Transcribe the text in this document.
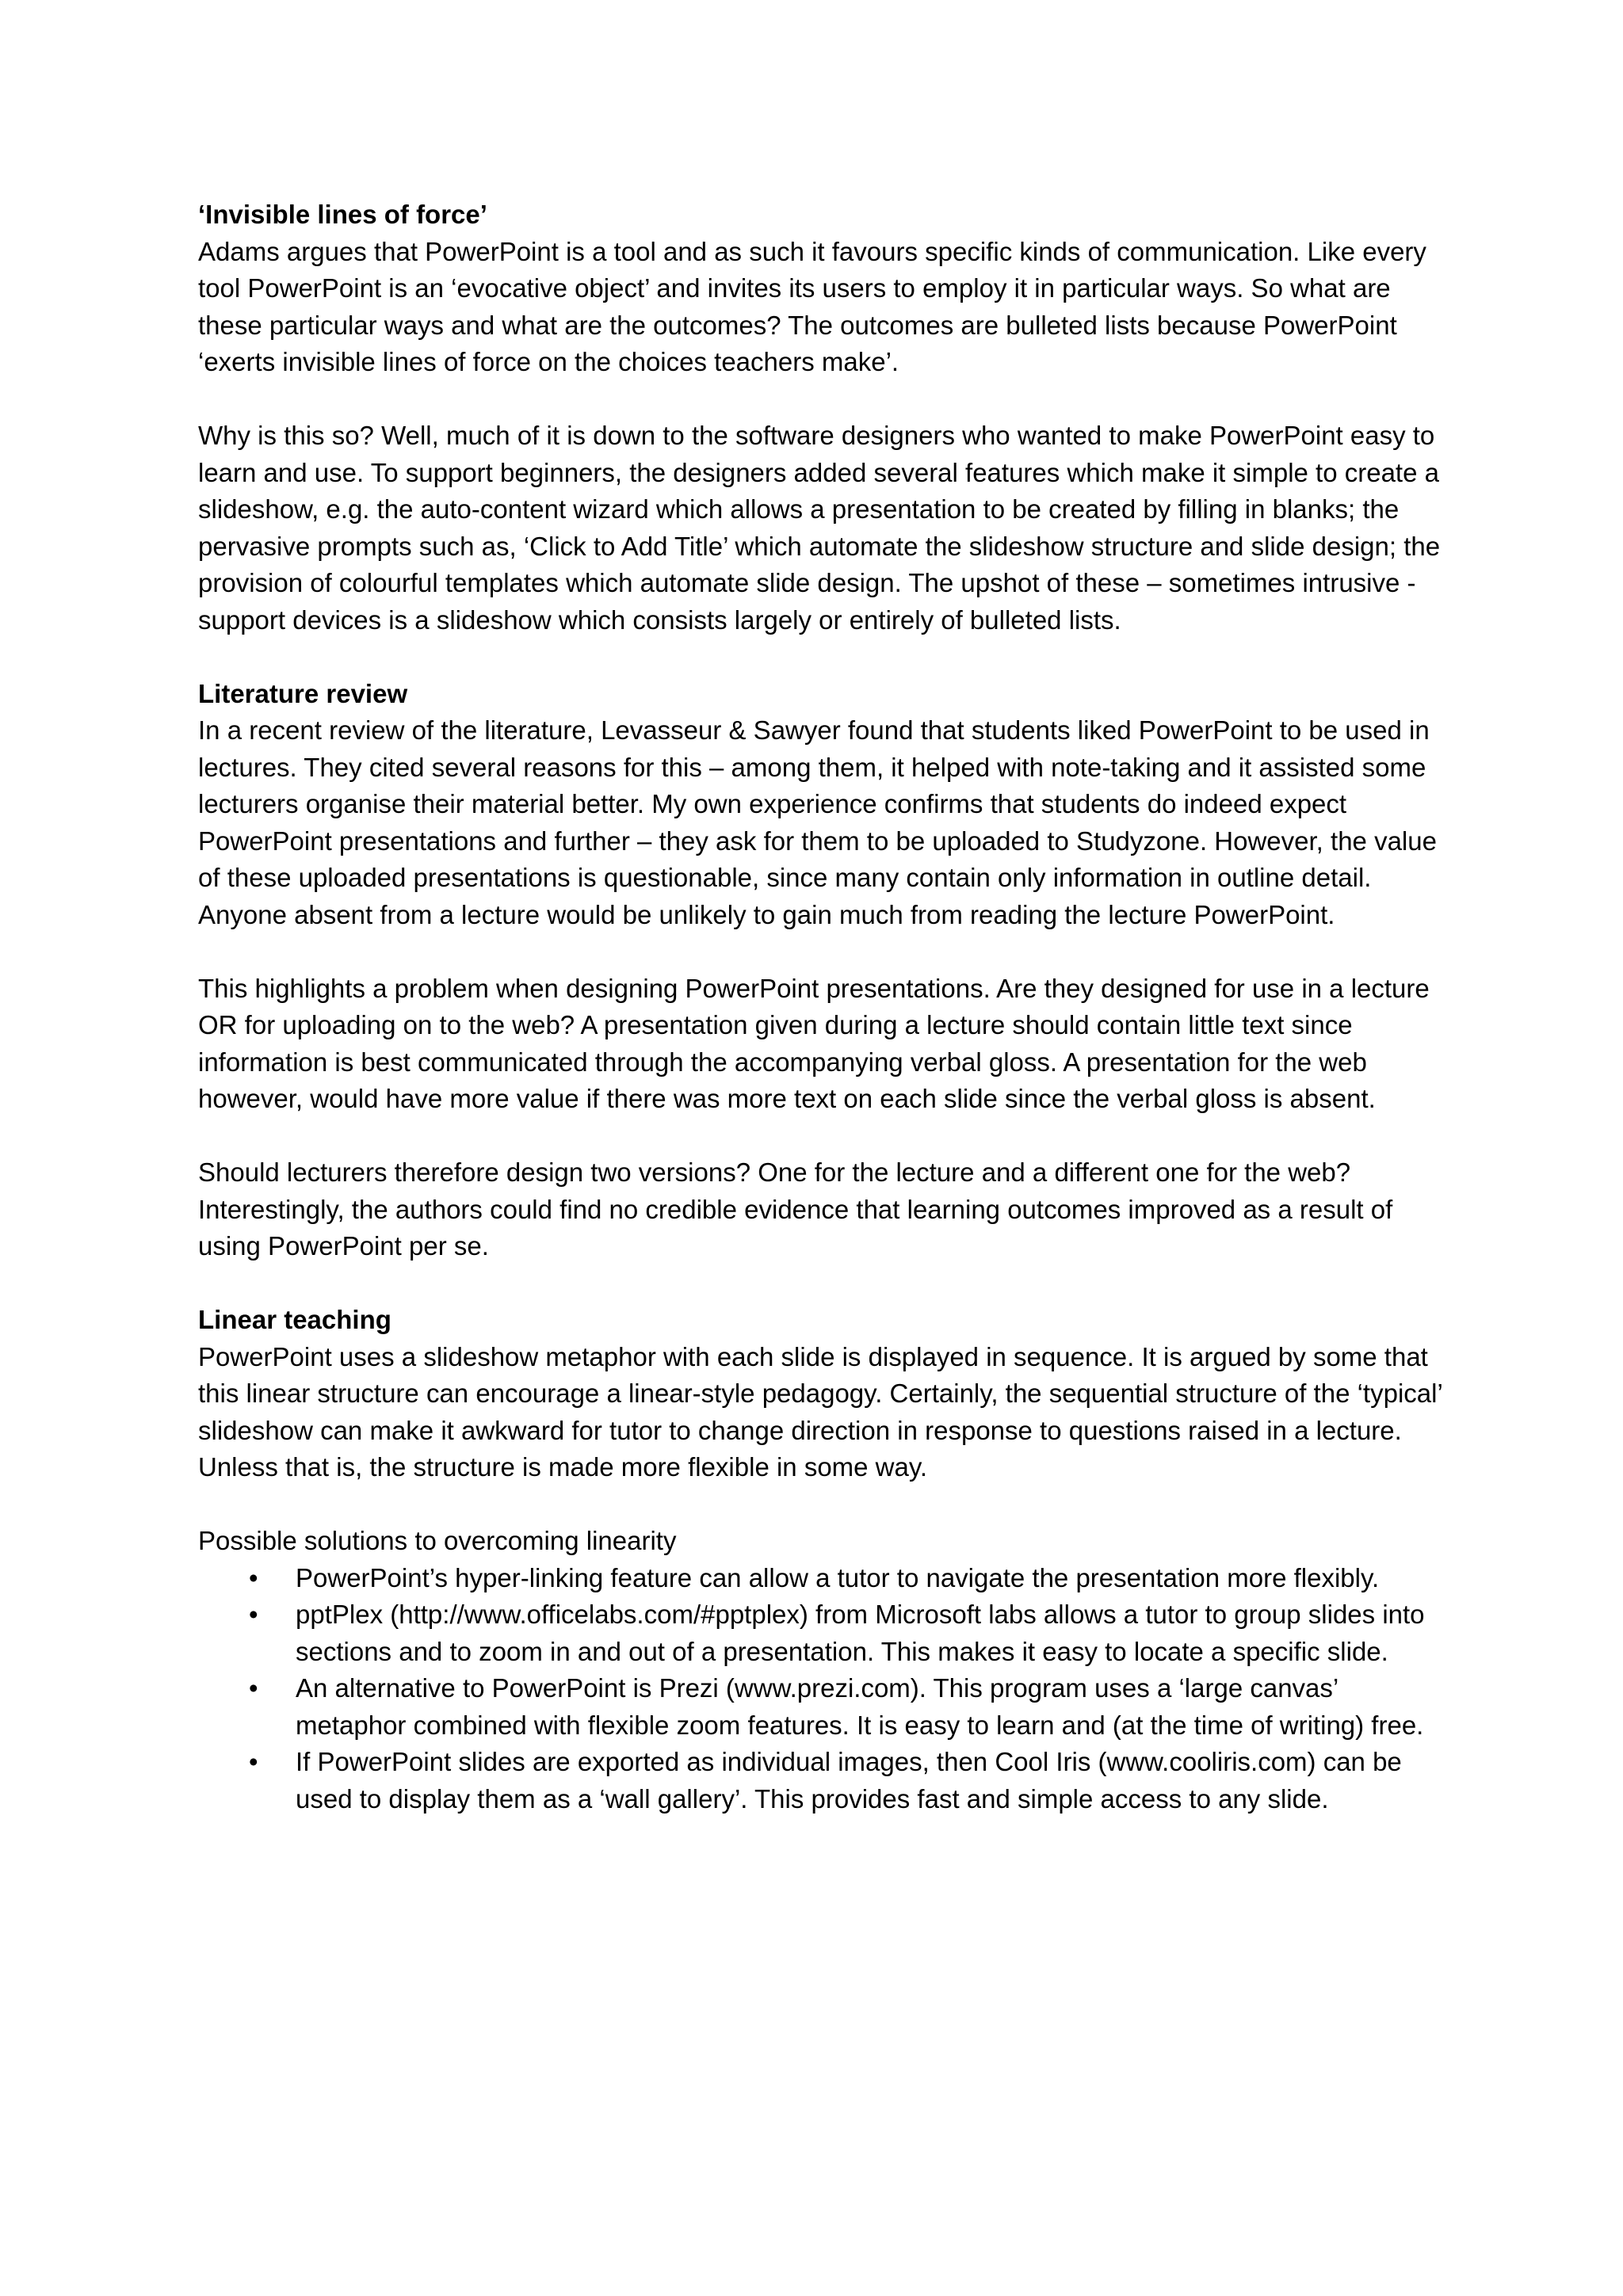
‘Invisible lines of force’

Adams argues that PowerPoint is a tool and as such it favours specific kinds of communication. Like every tool PowerPoint is an ‘evocative object’ and invites its users to employ it in particular ways. So what are these particular ways and what are the outcomes? The outcomes are bulleted lists because PowerPoint ‘exerts invisible lines of force on the choices teachers make’.

Why is this so? Well, much of it is down to the software designers who wanted to make PowerPoint easy to learn and use. To support beginners, the designers added several features which make it simple to create a slideshow, e.g. the auto-content wizard which allows a presentation to be created by filling in blanks; the pervasive prompts such as, ‘Click to Add Title’ which automate the slideshow structure and slide design; the provision of colourful templates which automate slide design. The upshot of these – sometimes intrusive - support devices is a slideshow which consists largely or entirely of bulleted lists.

Literature review

In a recent review of the literature, Levasseur & Sawyer found that students liked PowerPoint to be used in lectures. They cited several reasons for this – among them, it helped with note-taking and it assisted some lecturers organise their material better. My own experience confirms that students do indeed expect PowerPoint presentations and further – they ask for them to be uploaded to Studyzone. However, the value of these uploaded presentations is questionable, since many contain only information in outline detail. Anyone absent from a lecture would be unlikely to gain much from reading the lecture PowerPoint.

This highlights a problem when designing PowerPoint presentations. Are they designed for use in a lecture OR for uploading on to the web? A presentation given during a lecture should contain little text since information is best communicated through the accompanying verbal gloss. A presentation for the web however, would have more value if there was more text on each slide since the verbal gloss is absent.

Should lecturers therefore design two versions? One for the lecture and a different one for the web? Interestingly, the authors could find no credible evidence that learning outcomes improved as a result of using PowerPoint per se.

Linear teaching

PowerPoint uses a slideshow metaphor with each slide is displayed in sequence. It is argued by some that this linear structure can encourage a linear-style pedagogy. Certainly, the sequential structure of the ‘typical’ slideshow can make it awkward for tutor to change direction in response to questions raised in a lecture. Unless that is, the structure is made more flexible in some way.

Possible solutions to overcoming linearity

• PowerPoint’s hyper-linking feature can allow a tutor to navigate the presentation more flexibly.
• pptPlex (http://www.officelabs.com/#pptplex) from Microsoft labs allows a tutor to group slides into sections and to zoom in and out of a presentation. This makes it easy to locate a specific slide.
• An alternative to PowerPoint is Prezi (www.prezi.com). This program uses a ‘large canvas’ metaphor combined with flexible zoom features. It is easy to learn and (at the time of writing) free.
• If PowerPoint slides are exported as individual images, then Cool Iris (www.cooliris.com) can be used to display them as a ‘wall gallery’. This provides fast and simple access to any slide.
